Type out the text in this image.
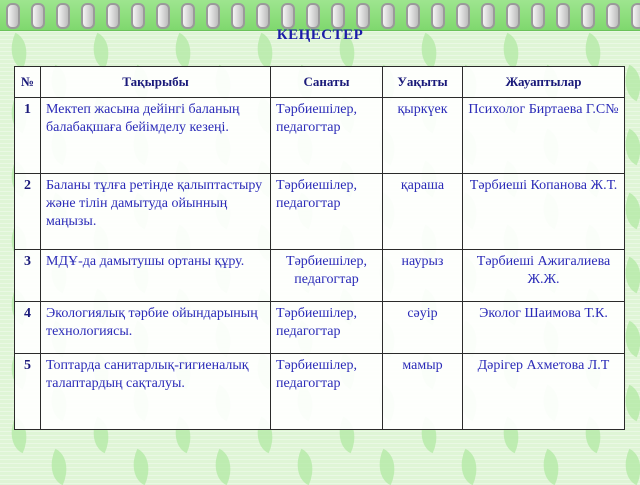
КЕҢЕСТЕР
№	Тақырыбы	Санаты	Уақыты	Жауаптылар
1	Мектеп жасына дейінгі баланың балабақшаға бейімделу кезеңі.	Тәрбиешілер, педагогтар	қыркүек	Психолог Биртаева Г.С№
2	Баланы тұлға ретінде қалыптастыру және тілін дамытуда ойынның маңызы.	Тәрбиешілер, педагогтар	қараша	Тәрбиеші Копанова Ж.Т.
3	МДҰ-да дамытушы ортаны құру.	Тәрбиешілер, педагогтар	наурыз	Тәрбиеші Ажигалиева Ж.Ж.
4	Экологиялық тәрбие ойындарының технологиясы.	Тәрбиешілер, педагогтар	сәуір	Эколог Шаимова Т.К.
5	Топтарда санитарлық-гигиеналық талаптардың сақталуы.	Тәрбиешілер, педагогтар	мамыр	Дәрігер Ахметова Л.Т
